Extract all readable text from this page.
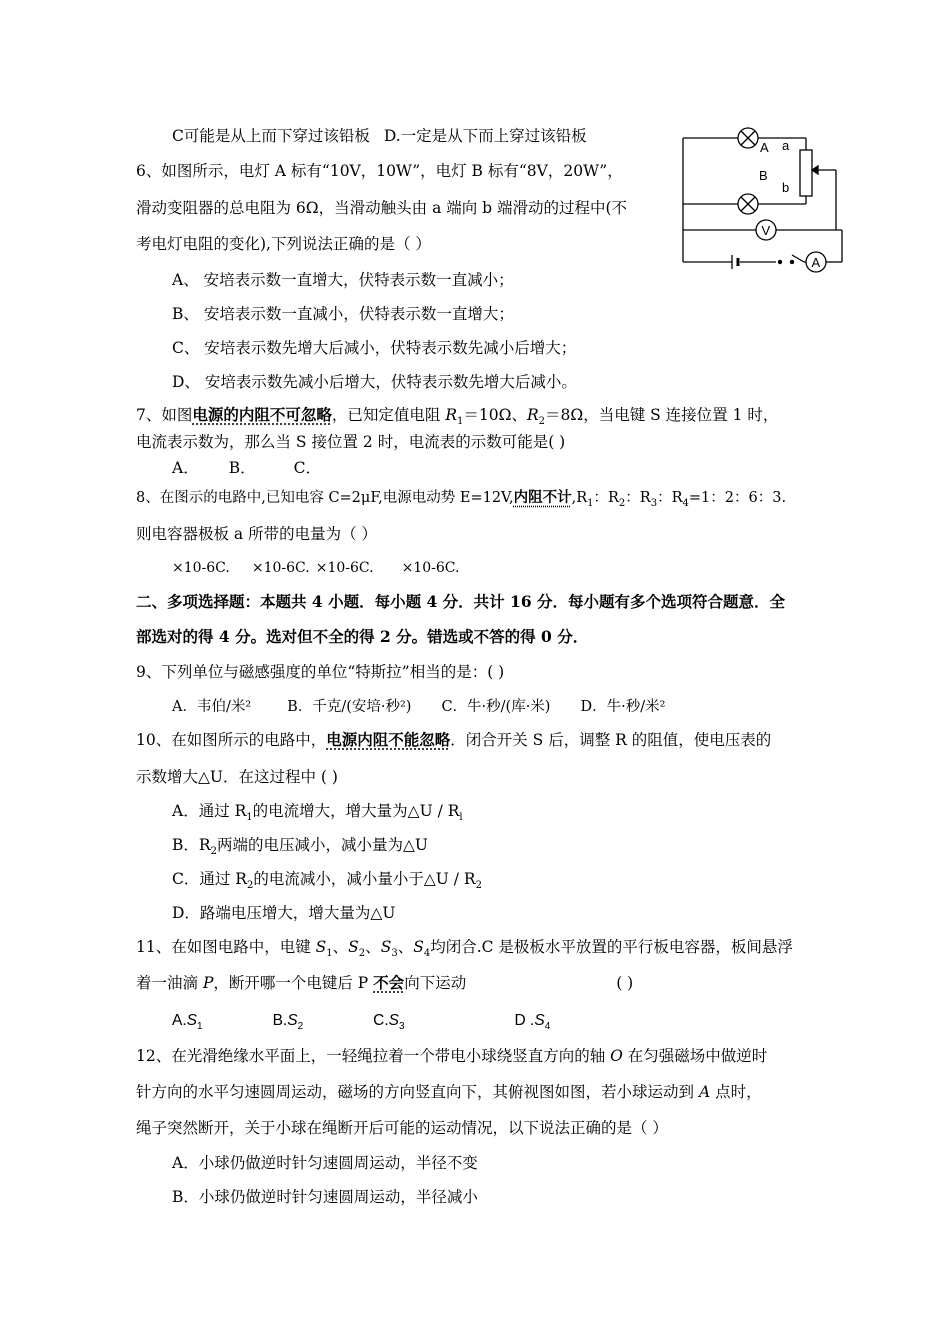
C可能是从上而下穿过该铅板 D.一定是从下而上穿过该铅板
6、如图所示，电灯 A 标有“10V，10W”，电灯 B 标有“8V，20W”，
滑动变阻器的总电阻为 6Ω，当滑动触头由 a 端向 b 端滑动的过程中(不
考电灯电阻的变化),下列说法正确的是（ ）
A、 安培表示数一直增大，伏特表示数一直减小；
B、 安培表示数一直减小，伏特表示数一直增大；
C、 安培表示数先增大后减小，伏特表示数先减小后增大；
D、 安培表示数先减小后增大，伏特表示数先增大后减小。
A a
B
b
V
A
7、如图电源的内阻不可忽略，已知定值电阻 $R_1=10\Omega$、$R_2=8\Omega$，当电键 S 连接位置 1 时，
电流表示数为，那么当 S 接位置 2 时，电流表的示数可能是( )
A． B． C．
8、在图示的电路中,已知电容 C=2μF,电源电动势 E=12V,内阻不计$,R_1$：$R_2$：$R_3$：$R_4=1$：2：6：3.
则电容器极板 a 所带的电量为（ ）
×10-6C. ×10-6C. ×10-6C. ×10-6C.
二、多项选择题：本题共 4 小题．每小题 4 分．共计 16 分．每小题有多个选项符合题意．全
部选对的得 4 分。选对但不全的得 2 分。错选或不答的得 0 分．
9、下列单位与磁感强度的单位“特斯拉”相当的是：( )
A．韦伯/米² B．千克/(安培·秒²) C．牛·秒/(库·米) D．牛·秒/米²
10、在如图所示的电路中，电源内阻不能忽略．闭合开关 S 后，调整 R 的阻值，使电压表的
示数增大△U．在这过程中 ( )
A．通过 $R_1$的电流增大，增大量为△U / $R_l$
B．$R_2$两端的电压减小，减小量为△U
C．通过 $R_2$的电流减小，减小量小于△U / $R_2$
D．路端电压增大，增大量为△U
11、在如图电路中，电键 $S_1$、$S_2$、$S_3$、$S_4$均闭合.C 是极板水平放置的平行板电容器，板间悬浮
着一油滴 P，断开哪一个电键后 P 不会向下运动	( )
$A.S_1$	$B.S_2$	$C.S_3$	D $.S_4$
12、在光滑绝缘水平面上，一轻绳拉着一个带电小球绕竖直方向的轴 O 在匀强磁场中做逆时
针方向的水平匀速圆周运动，磁场的方向竖直向下，其俯视图如图，若小球运动到 A 点时，
绳子突然断开，关于小球在绳断开后可能的运动情况，以下说法正确的是（ ）
A．小球仍做逆时针匀速圆周运动，半径不变
B．小球仍做逆时针匀速圆周运动，半径减小
